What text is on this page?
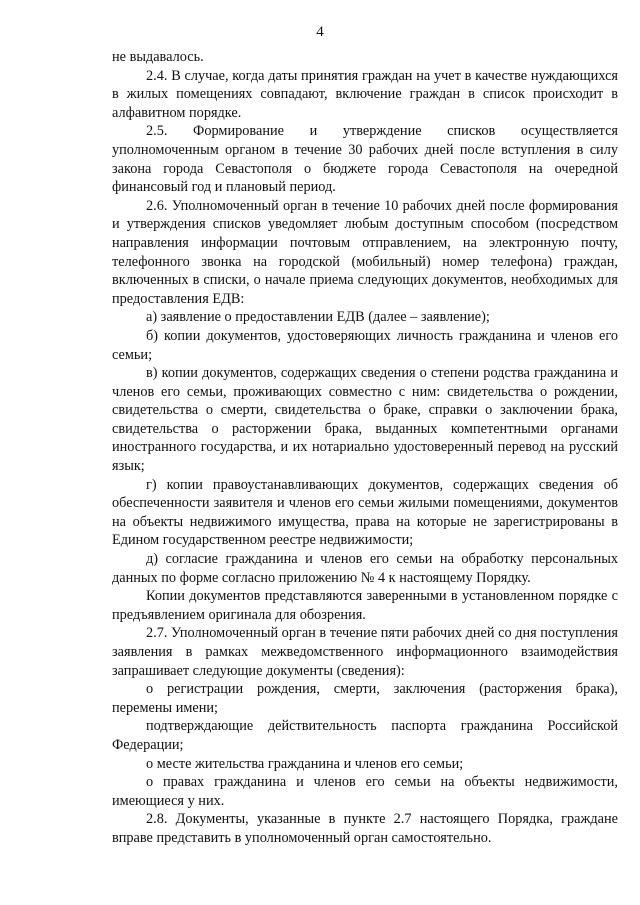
4

не выдавалось.

2.4. В случае, когда даты принятия граждан на учет в качестве нуждающихся в жилых помещениях совпадают, включение граждан в список происходит в алфавитном порядке.

2.5. Формирование и утверждение списков осуществляется уполномоченным органом в течение 30 рабочих дней после вступления в силу закона города Севастополя о бюджете города Севастополя на очередной финансовый год и плановый период.

2.6. Уполномоченный орган в течение 10 рабочих дней после формирования и утверждения списков уведомляет любым доступным способом (посредством направления информации почтовым отправлением, на электронную почту, телефонного звонка на городской (мобильный) номер телефона) граждан, включенных в списки, о начале приема следующих документов, необходимых для предоставления ЕДВ:

а) заявление о предоставлении ЕДВ (далее – заявление);

б) копии документов, удостоверяющих личность гражданина и членов его семьи;

в) копии документов, содержащих сведения о степени родства гражданина и членов его семьи, проживающих совместно с ним: свидетельства о рождении, свидетельства о смерти, свидетельства о браке, справки о заключении брака, свидетельства о расторжении брака, выданных компетентными органами иностранного государства, и их нотариально удостоверенный перевод на русский язык;

г) копии правоустанавливающих документов, содержащих сведения об обеспеченности заявителя и членов его семьи жилыми помещениями, документов на объекты недвижимого имущества, права на которые не зарегистрированы в Едином государственном реестре недвижимости;

д) согласие гражданина и членов его семьи на обработку персональных данных по форме согласно приложению № 4 к настоящему Порядку.

Копии документов представляются заверенными в установленном порядке с предъявлением оригинала для обозрения.

2.7. Уполномоченный орган в течение пяти рабочих дней со дня поступления заявления в рамках межведомственного информационного взаимодействия запрашивает следующие документы (сведения):

о регистрации рождения, смерти, заключения (расторжения брака), перемены имени;

подтверждающие действительность паспорта гражданина Российской Федерации;

о месте жительства гражданина и членов его семьи;

о правах гражданина и членов его семьи на объекты недвижимости, имеющиеся у них.

2.8. Документы, указанные в пункте 2.7 настоящего Порядка, граждане вправе представить в уполномоченный орган самостоятельно.
